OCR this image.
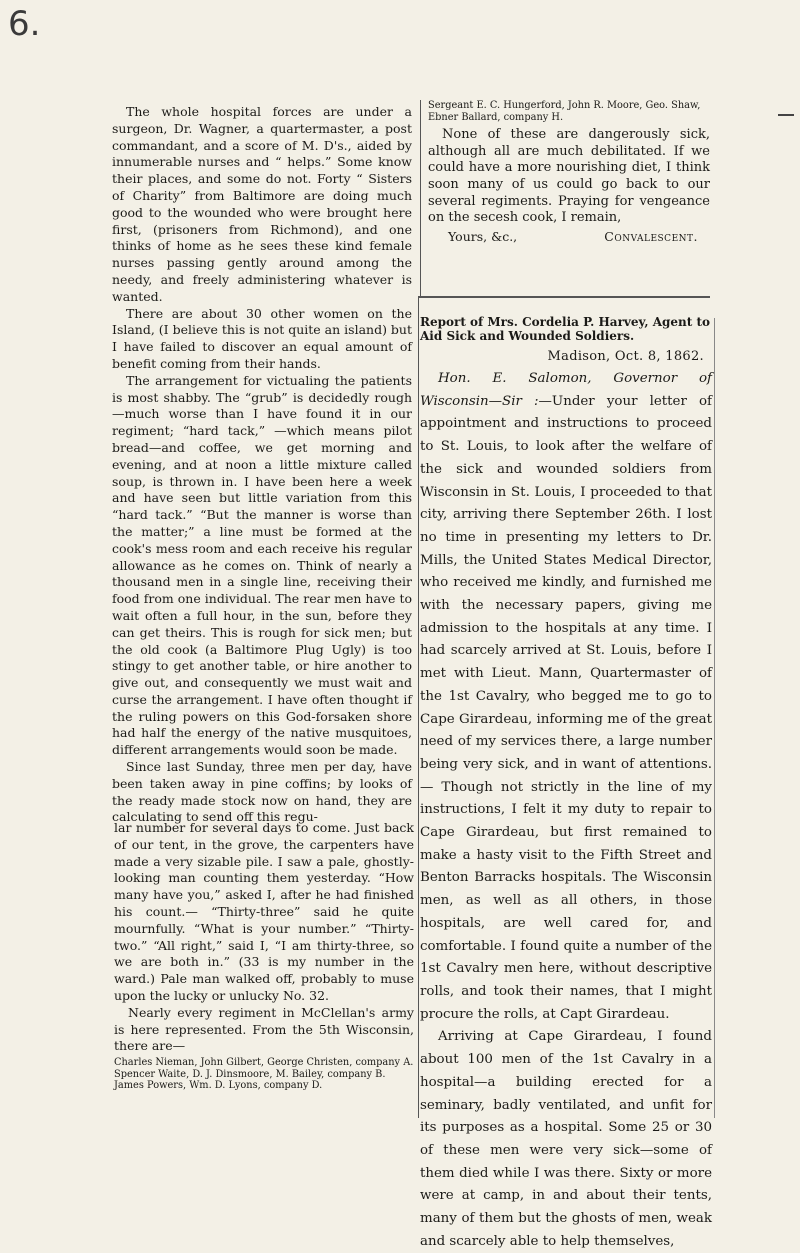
6.

The whole hospital forces are under a surgeon, Dr. Wagner, a quartermaster, a post commandant, and a score of M. D's., aided by innumerable nurses and “ helps.” Some know their places, and some do not. Forty “ Sisters of Charity” from Baltimore are doing much good to the wounded who were brought here first, (prisoners from Richmond), and one thinks of home as he sees these kind female nurses passing gently around among the needy, and freely administering whatever is wanted.

There are about 30 other women on the Island, (I believe this is not quite an island) but I have failed to discover an equal amount of benefit coming from their hands.

The arrangement for victualing the patients is most shabby. The “grub” is decidedly rough—much worse than I have found it in our regiment; “hard tack,” —which means pilot bread—and coffee, we get morning and evening, and at noon a little mixture called soup, is thrown in. I have been here a week and have seen but little variation from this “hard tack.” “But the manner is worse than the matter;” a line must be formed at the cook's mess room and each receive his regular allowance as he comes on. Think of nearly a thousand men in a single line, receiving their food from one individual. The rear men have to wait often a full hour, in the sun, before they can get theirs. This is rough for sick men; but the old cook (a Baltimore Plug Ugly) is too stingy to get another table, or hire another to give out, and consequently we must wait and curse the arrangement. I have often thought if the ruling powers on this God-forsaken shore had half the energy of the native musquitoes, different arrangements would soon be made.

Since last Sunday, three men per day, have been taken away in pine coffins; by looks of the ready made stock now on hand, they are calculating to send off this regu-

lar number for several days to come. Just back of our tent, in the grove, the carpenters have made a very sizable pile. I saw a pale, ghostly-looking man counting them yesterday. “How many have you,” asked I, after he had finished his count.— “Thirty-three” said he quite mournfully. “What is your number.” “Thirty-two.” “All right,” said I, “I am thirty-three, so we are both in.” (33 is my number in the ward.) Pale man walked off, probably to muse upon the lucky or unlucky No. 32.

Nearly every regiment in McClellan's army is here represented. From the 5th Wisconsin, there are—

Charles Nieman, John Gilbert, George Christen, company A.
Spencer Waite, D. J. Dinsmoore, M. Bailey, company B.
James Powers, Wm. D. Lyons, company D.

Sergeant E. C. Hungerford, John R. Moore, Geo. Shaw, Ebner Ballard, company H.

None of these are dangerously sick, although all are much debilitated. If we could have a more nourishing diet, I think soon many of us could go back to our several regiments. Praying for vengeance on the secesh cook, I remain,

Yours, &c.,	Convalescent.

Report of Mrs. Cordelia P. Harvey, Agent to Aid Sick and Wounded Soldiers.

Madison, Oct. 8, 1862.

Hon. E. Salomon, Governor of Wisconsin—Sir :—Under your letter of appointment and instructions to proceed to St. Louis, to look after the welfare of the sick and wounded soldiers from Wisconsin in St. Louis, I proceeded to that city, arriving there September 26th. I lost no time in presenting my letters to Dr. Mills, the United States Medical Director, who received me kindly, and furnished me with the necessary papers, giving me admission to the hospitals at any time. I had scarcely arrived at St. Louis, before I met with Lieut. Mann, Quartermaster of the 1st Cavalry, who begged me to go to Cape Girardeau, informing me of the great need of my services there, a large number being very sick, and in want of attentions.— Though not strictly in the line of my instructions, I felt it my duty to repair to Cape Girardeau, but first remained to make a hasty visit to the Fifth Street and Benton Barracks hospitals. The Wisconsin men, as well as all others, in those hospitals, are well cared for, and comfortable. I found quite a number of the 1st Cavalry men here, without descriptive rolls, and took their names, that I might procure the rolls, at Capt Girardeau.

Arriving at Cape Girardeau, I found about 100 men of the 1st Cavalry in a hospital—a building erected for a seminary, badly ventilated, and unfit for its purposes as a hospital. Some 25 or 30 of these men were very sick—some of them died while I was there. Sixty or more were at camp, in and about their tents, many of them but the ghosts of men, weak and scarcely able to help themselves,
